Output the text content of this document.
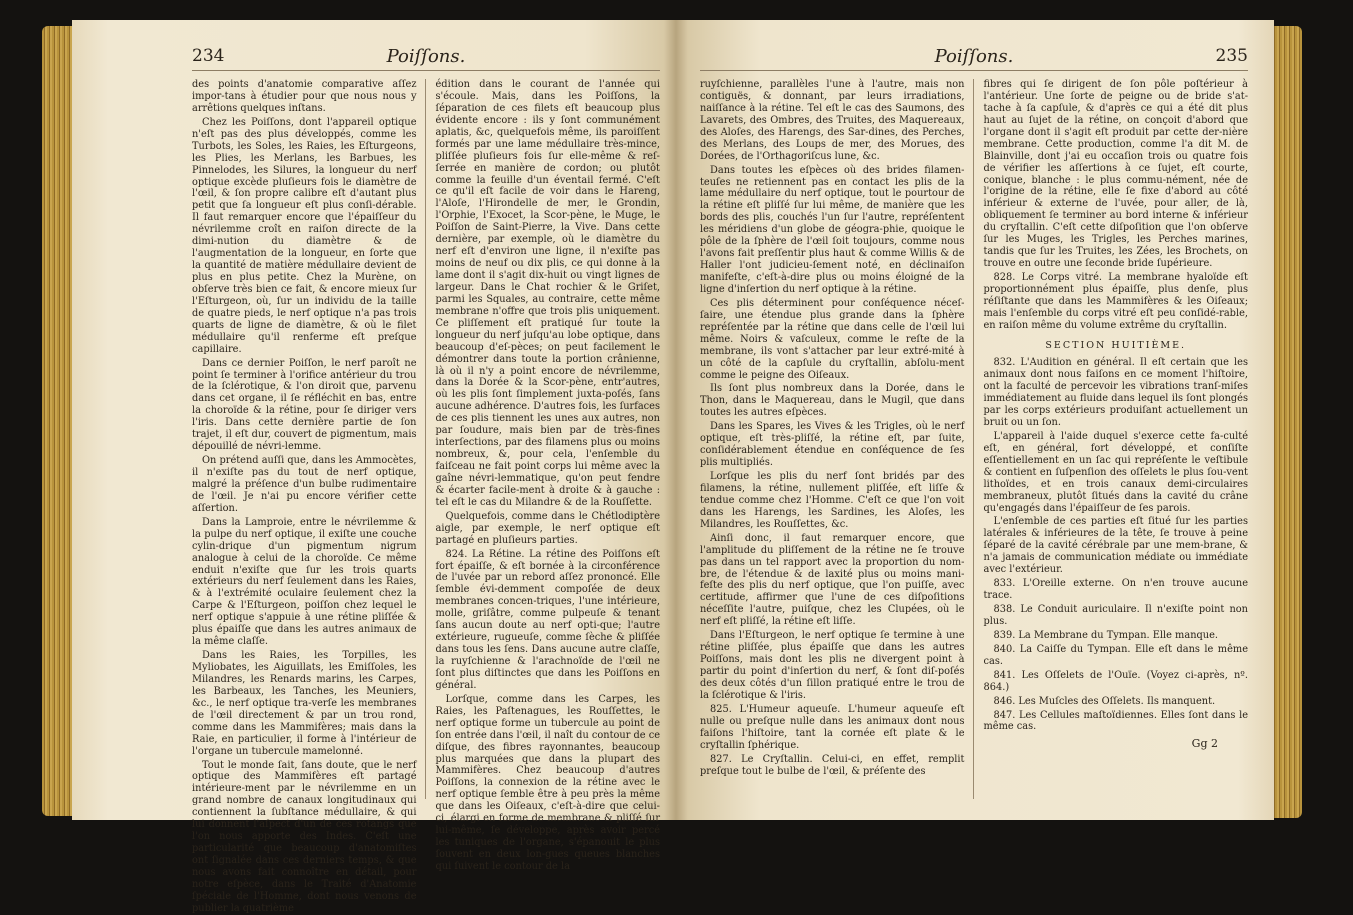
234	Poiſſons.

des points d'anatomie comparative aſſez impor-tans à étudier pour que nous nous y arrêtions quelques inſtans.

Chez les Poiſſons, dont l'appareil optique n'eſt pas des plus développés, comme les Turbots, les Soles, les Raies, les Eſturgeons, les Plies, les Merlans, les Barbues, les Pinnelodes, les Silures, la longueur du nerf optique excède pluſieurs fois le diamètre de l'œil, & ſon propre calibre eſt d'autant plus petit que ſa longueur eſt plus conſi-dérable. Il faut remarquer encore que l'épaiſſeur du névrilemme croît en raiſon directe de la dimi-nution du diamètre & de l'augmentation de la longueur, en ſorte que la quantité de matière médullaire devient de plus en plus petite. Chez la Murène, on obſerve très bien ce fait, & encore mieux ſur l'Eſturgeon, où, ſur un individu de la taille de quatre pieds, le nerf optique n'a pas trois quarts de ligne de diamètre, & où le filet médullaire qu'il renferme eſt preſque capillaire.

Dans ce dernier Poiſſon, le nerf paroît ne point ſe terminer à l'orifice antérieur du trou de la ſclérotique, & l'on diroit que, parvenu dans cet organe, il ſe réfléchit en bas, entre la choroïde & la rétine, pour ſe diriger vers l'iris. Dans cette dernière partie de ſon trajet, il eſt dur, couvert de pigmentum, mais dépouillé de névri-lemme.

On prétend auſſi que, dans les Ammocètes, il n'exiſte pas du tout de nerf optique, malgré la préſence d'un bulbe rudimentaire de l'œil. Je n'ai pu encore vérifier cette aſſertion.

Dans la Lamproie, entre le névrilemme & la pulpe du nerf optique, il exiſte une couche cylin-drique d'un pigmentum nigrum analogue à celui de la choroïde. Ce même enduit n'exiſte que ſur les trois quarts extérieurs du nerf ſeulement dans les Raies, & à l'extrémité oculaire ſeulement chez la Carpe & l'Eſturgeon, poiſſon chez lequel le nerf optique s'appuie à une rétine pliſſée & plus épaiſſe que dans les autres animaux de la même claſſe.

Dans les Raies, les Torpilles, les Myliobates, les Aiguillats, les Emiſſoles, les Milandres, les Renards marins, les Carpes, les Barbeaux, les Tanches, les Meuniers, &c., le nerf optique tra-verſe les membranes de l'œil directement & par un trou rond, comme dans les Mammifères; mais dans la Raie, en particulier, il forme à l'intérieur de l'organe un tubercule mamelonné.

Tout le monde ſait, ſans doute, que le nerf optique des Mammifères eſt partagé intérieure-ment par le névrilemme en un grand nombre de canaux longitudinaux qui contiennent la ſubſtance médullaire, & qui lui donnent l'aſpect d'un de ces rotangs que l'on nous apporte des Indes. C'eſt une particularité que beaucoup d'anatomiſtes ont ſignalée dans ces derniers temps, & que nous avons fait connoître en détail, pour notre eſpèce, dans le Traité d'Anatomie ſpéciale de l'Homme, dont nous venons de publier la quatrième

édition dans le courant de l'année qui s'écoule. Mais, dans les Poiſſons, la ſéparation de ces filets eſt beaucoup plus évidente encore : ils y ſont communément aplatis, &c, quelquefois même, ils paroiſſent formés par une lame médullaire très-mince, pliſſée pluſieurs fois ſur elle-même & reſ-ſerrée en manière de cordon; ou plutôt comme la feuille d'un éventail fermé. C'eſt ce qu'il eſt facile de voir dans le Hareng, l'Aloſe, l'Hirondelle de mer, le Grondin, l'Orphie, l'Exocet, la Scor-pène, le Muge, le Poiſſon de Saint-Pierre, la Vive. Dans cette dernière, par exemple, où le diamètre du nerf eſt d'environ une ligne, il n'exiſte pas moins de neuf ou dix plis, ce qui donne à la lame dont il s'agit dix-huit ou vingt lignes de largeur. Dans le Chat rochier & le Griſet, parmi les Squales, au contraire, cette même membrane n'offre que trois plis uniquement. Ce pliſſement eſt pratiqué ſur toute la longueur du nerf juſqu'au lobe optique, dans beaucoup d'eſ-pèces; on peut facilement le démontrer dans toute la portion crânienne, là où il n'y a point encore de névrilemme, dans la Dorée & la Scor-pène, entr'autres, où les plis ſont ſimplement juxta-poſés, ſans aucune adhérence. D'autres fois, les ſurfaces de ces plis tiennent les unes aux autres, non par ſoudure, mais bien par de très-fines interſections, par des filamens plus ou moins nombreux, &, pour cela, l'enſemble du faiſceau ne fait point corps lui même avec la gaîne névri-lemmatique, qu'on peut fendre & écarter facile-ment à droite & à gauche : tel eſt le cas du Milandre & de la Rouſſette.

Quelquefois, comme dans le Chétlodiptère aigle, par exemple, le nerf optique eſt partagé en pluſieurs parties.

824. La Rétine. La rétine des Poiſſons eſt fort épaiſſe, & eſt bornée à la circonférence de l'uvée par un rebord aſſez prononcé. Elle ſemble évi-demment compoſée de deux membranes concen-triques, l'une intérieure, molle, griſâtre, comme pulpeuſe & tenant ſans aucun doute au nerf opti-que; l'autre extérieure, rugueuſe, comme ſèche & pliſſée dans tous les ſens. Dans aucune autre claſſe, la ruyſchienne & l'arachnoïde de l'œil ne ſont plus diſtinctes que dans les Poiſſons en général.

Lorſque, comme dans les Carpes, les Raies, les Paſtenagues, les Rouſſettes, le nerf optique forme un tubercule au point de ſon entrée dans l'œil, il naît du contour de ce diſque, des fibres rayonnantes, beaucoup plus marquées que dans la plupart des Mammifères. Chez beaucoup d'autres Poiſſons, la connexion de la rétine avec le nerf optique ſemble être à peu près la même que dans les Oiſeaux, c'eſt-à-dire que celui-ci, élargi en forme de membrane & pliſſé ſur lui-même, ſe développe, après avoir percé les tuniques de l'organe, s'épanouit le plus ſouvent en deux lon-gues queues blanches qui ſuivent le contour de la

Poiſſons.	235

ruyſchienne, parallèles l'une à l'autre, mais non contiguës, & donnant, par leurs irradiations, naiſſance à la rétine. Tel eſt le cas des Saumons, des Lavarets, des Ombres, des Truites, des Maquereaux, des Aloſes, des Harengs, des Sar-dines, des Perches, des Merlans, des Loups de mer, des Morues, des Dorées, de l'Orthagoriſcus lune, &c.

Dans toutes les eſpèces où des brides filamen-teuſes ne retiennent pas en contact les plis de la lame médullaire du nerf optique, tout le pourtour de la rétine eſt pliſſé ſur lui même, de manière que les bords des plis, couchés l'un ſur l'autre, repréſentent les méridiens d'un globe de géogra-phie, quoique le pôle de la ſphère de l'œil ſoit toujours, comme nous l'avons fait preſſentir plus haut & comme Willis & de Haller l'ont judicieu-ſement noté, en déclinaiſon manifeſte, c'eſt-à-dire plus ou moins éloigné de la ligne d'inſertion du nerf optique à la rétine.

Ces plis déterminent pour conſéquence néceſ-ſaire, une étendue plus grande dans la ſphère repréſentée par la rétine que dans celle de l'œil lui même. Noirs & vaſculeux, comme le reſte de la membrane, ils vont s'attacher par leur extré-mité à un côté de la capſule du cryſtallin, abſolu-ment comme le peigne des Oiſeaux.

Ils ſont plus nombreux dans la Dorée, dans le Thon, dans le Maquereau, dans le Mugil, que dans toutes les autres eſpèces.

Dans les Spares, les Vives & les Trigles, où le nerf optique, eſt très-pliſſé, la rétine eſt, par ſuite, conſidérablement étendue en conſéquence de ſes plis multipliés.

Lorſque les plis du nerf ſont bridés par des filamens, la rétine, nullement pliſſée, eſt liſſe & tendue comme chez l'Homme. C'eſt ce que l'on voit dans les Harengs, les Sardines, les Aloſes, les Milandres, les Rouſſettes, &c.

Ainſi donc, il faut remarquer encore, que l'amplitude du pliſſement de la rétine ne ſe trouve pas dans un tel rapport avec la proportion du nom-bre, de l'étendue & de laxité plus ou moins mani-feſte des plis du nerf optique, que l'on puiſſe, avec certitude, affirmer que l'une de ces diſpoſitions néceſſite l'autre, puiſque, chez les Clupées, où le nerf eſt pliſſé, la rétine eſt liſſe.

Dans l'Eſturgeon, le nerf optique ſe termine à une rétine pliſſée, plus épaiſſe que dans les autres Poiſſons, mais dont les plis ne divergent point à partir du point d'inſertion du nerf, & ſont diſ-poſés des deux côtés d'un ſillon pratiqué entre le trou de la ſclérotique & l'iris.

825. L'Humeur aqueuſe. L'humeur aqueuſe eſt nulle ou preſque nulle dans les animaux dont nous faiſons l'hiſtoire, tant la cornée eſt plate & le cryſtallin ſphérique.

827. Le Cryſtallin. Celui-ci, en effet, remplit preſque tout le bulbe de l'œil, & préſente des

fibres qui ſe dirigent de ſon pôle poſtérieur à l'antérieur. Une ſorte de peigne ou de bride s'at-tache à ſa capſule, & d'après ce qui a été dit plus haut au ſujet de la rétine, on conçoit d'abord que l'organe dont il s'agit eſt produit par cette der-nière membrane. Cette production, comme l'a dit M. de Blainville, dont j'ai eu occaſion trois ou quatre fois de vérifier les aſſertions à ce ſujet, eſt courte, conique, blanche : le plus commu-nément, née de l'origine de la rétine, elle ſe fixe d'abord au côté inférieur & externe de l'uvée, pour aller, de là, obliquement ſe terminer au bord interne & inférieur du cryſtallin. C'eſt cette diſpoſition que l'on obſerve ſur les Muges, les Trigles, les Perches marines, tandis que ſur les Truites, les Zées, les Brochets, on trouve en outre une ſeconde bride ſupérieure.

828. Le Corps vitré. La membrane hyaloïde eſt proportionnément plus épaiſſe, plus denſe, plus réſiſtante que dans les Mammifères & les Oiſeaux; mais l'enſemble du corps vitré eſt peu conſidé-rable, en raiſon même du volume extrême du cryſtallin.

SECTION HUITIÈME.

832. L'Audition en général. Il eſt certain que les animaux dont nous faiſons en ce moment l'hiſtoire, ont la faculté de percevoir les vibrations tranſ-miſes immédiatement au fluide dans lequel ils ſont plongés par les corps extérieurs produiſant actuellement un bruit ou un ſon.

L'appareil à l'aide duquel s'exerce cette fa-culté eſt, en général, fort développé, et conſiſte eſſentiellement en un ſac qui repréſente le veſtibule & contient en ſuſpenſion des oſſelets le plus ſou-vent lithoïdes, et en trois canaux demi-circulaires membraneux, plutôt ſitués dans la cavité du crâne qu'engagés dans l'épaiſſeur de ſes parois.

L'enſemble de ces parties eſt ſitué ſur les parties latérales & inférieures de la tête, ſe trouve à peine ſéparé de la cavité cérébrale par une mem-brane, & n'a jamais de communication médiate ou immédiate avec l'extérieur.

833. L'Oreille externe. On n'en trouve aucune trace.

838. Le Conduit auriculaire. Il n'exiſte point non plus.

839. La Membrane du Tympan. Elle manque.

840. La Caiſſe du Tympan. Elle eſt dans le même cas.

841. Les Oſſelets de l'Ouïe. (Voyez ci-après, nº. 864.)

846. Les Muſcles des Oſſelets. Ils manquent.

847. Les Cellules maſtoïdiennes. Elles ſont dans le même cas.

Gg 2
